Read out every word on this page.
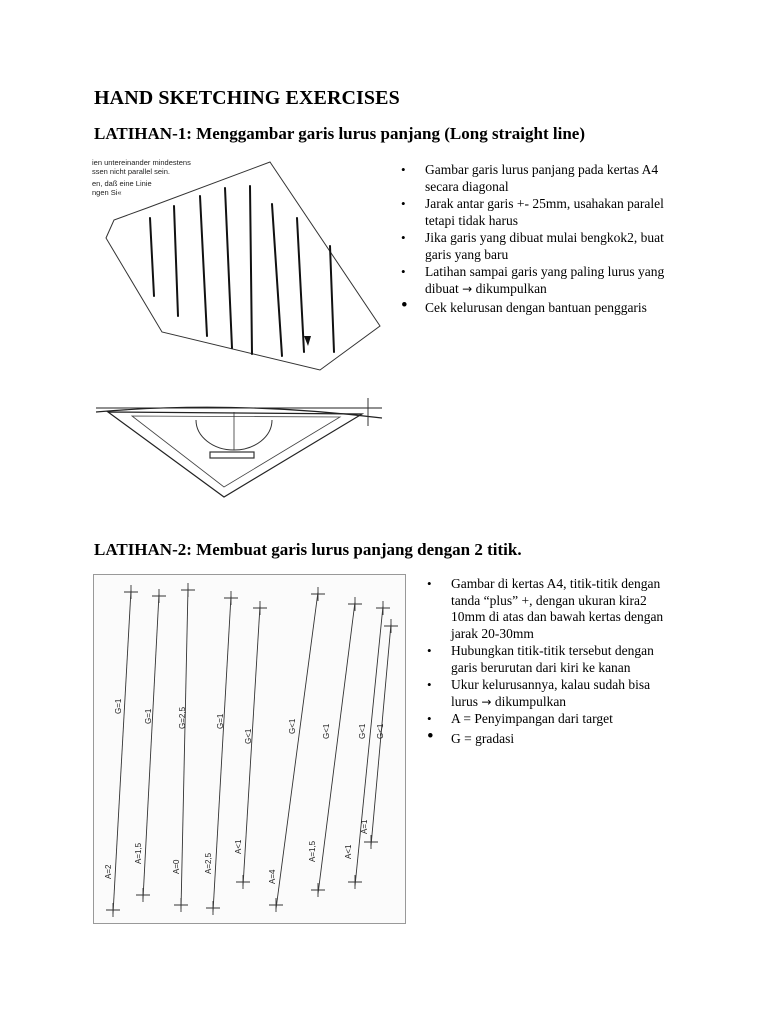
HAND SKETCHING EXERCISES
LATIHAN-1: Menggambar garis lurus panjang (Long straight line)
ien untereinander mindestens
ssen nicht parallel sein.
en, daß eine Linie
ngen Si«
• Gambar garis lurus panjang pada kertas A4 secara diagonal
• Jarak antar garis +- 25mm, usahakan paralel tetapi tidak harus
• Jika garis yang dibuat mulai bengkok2, buat garis yang baru
• Latihan sampai garis yang paling lurus yang dibuat → dikumpulkan
• Cek kelurusan dengan bantuan penggaris
LATIHAN-2: Membuat garis lurus panjang dengan 2 titik.
G=1
A=2
G=1
A=1,5
G=2,5
A=0
G=1
A=2,5
G<1
A<1
G<1
A=4
G<1
A=1,5
G<1
A<1
G<1
A=1
• Gambar di kertas A4, titik-titik dengan tanda “plus” +, dengan ukuran kira2 10mm di atas dan bawah kertas dengan jarak 20-30mm
• Hubungkan titik-titik tersebut dengan garis berurutan dari kiri ke kanan
• Ukur kelurusannya, kalau sudah bisa lurus → dikumpulkan
• A = Penyimpangan dari target
• G = gradasi
